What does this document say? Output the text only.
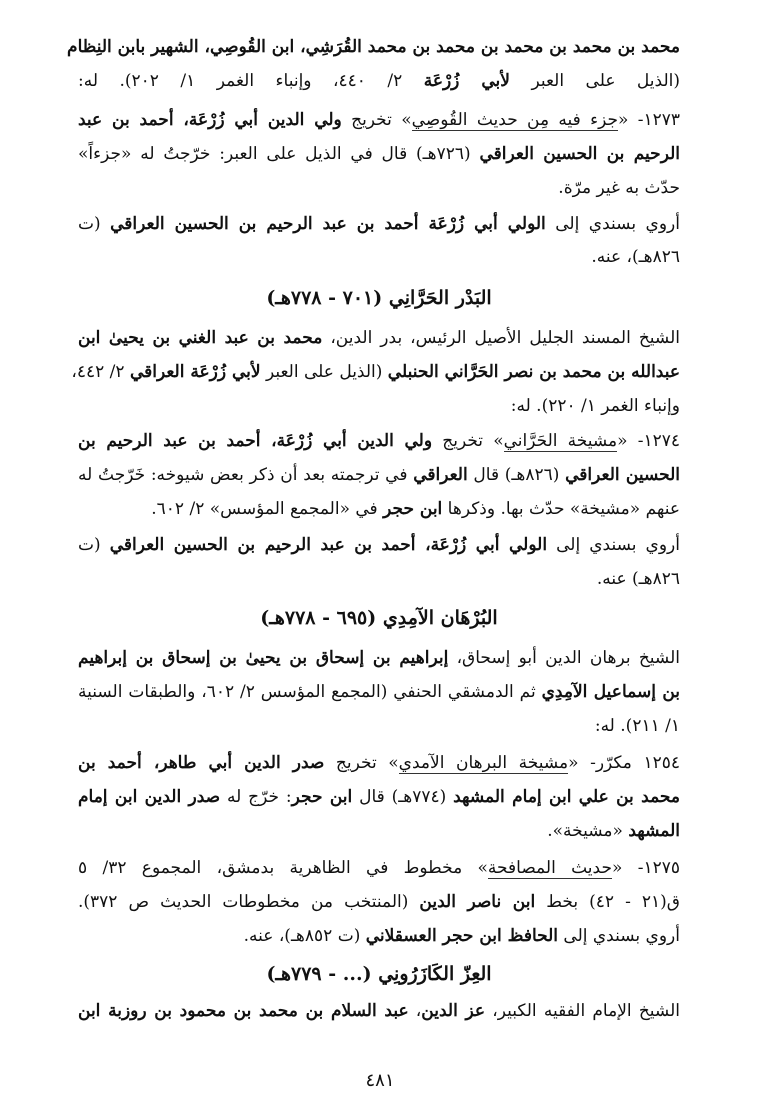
محمد بن محمد بن محمد بن محمد بن محمد القُرَشِي، ابن القُوصِي، الشهير بابن النِظام
(الذيل على العبر لأبي زُرْعَة ٢/ ٤٤٠، وإنباء الغمر ١/ ٢٠٢). له:
١٢٧٣- «جزء فيه مِن حديث القُوصِي» تخريج ولي الدين أبي زُرْعَة، أحمد بن عبد
الرحيم بن الحسين العراقي (٧٢٦هـ) قال في الذيل على العبر: خرّجتُ له «جزءاً»
حدّث به غير مرّة.
أروي بسندي إلى الولي أبي زُرْعَة أحمد بن عبد الرحيم بن الحسين العراقي (ت
٨٢٦هـ)، عنه.
البَدْر الحَرَّانِي (٧٠١ - ٧٧٨هـ)
الشيخ المسند الجليل الأصيل الرئيس، بدر الدين، محمد بن عبد الغني بن يحيىٰ ابن
عبدالله بن محمد بن نصر الحَرَّاني الحنبلي (الذيل على العبر لأبي زُرْعَة العراقي ٢/ ٤٤٢،
وإنباء الغمر ١/ ٢٢٠). له:
١٢٧٤- «مشيخة الحَرَّاني» تخريج ولي الدين أبي زُرْعَة، أحمد بن عبد الرحيم بن
الحسين العراقي (٨٢٦هـ) قال العراقي في ترجمته بعد أن ذكر بعض شيوخه: خَرّجتُ له
عنهم «مشيخة» حدّث بها. وذكرها ابن حجر في «المجمع المؤسس» ٢/ ٦٠٢.
أروي بسندي إلى الولي أبي زُرْعَة، أحمد بن عبد الرحيم بن الحسين العراقي (ت
٨٢٦هـ) عنه.
البُرْهَان الآمِدِي (٦٩٥ - ٧٧٨هـ)
الشيخ برهان الدين أبو إسحاق، إبراهيم بن إسحاق بن يحيىٰ بن إسحاق بن إبراهيم
بن إسماعيل الآمِدِي ثم الدمشقي الحنفي (المجمع المؤسس ٢/ ٦٠٢، والطبقات السنية
١/ ٢١١). له:
١٢٥٤ مكرّر- «مشيخة البرهان الآمدي» تخريج صدر الدين أبي طاهر، أحمد بن
محمد بن علي ابن إمام المشهد (٧٧٤هـ) قال ابن حجر: خرّج له صدر الدين ابن إمام
المشهد «مشيخة».
١٢٧٥- «حديث المصافحة» مخطوط في الظاهرية بدمشق، المجموع ٣٢/ ٥
ق(٢١ - ٤٢) بخط ابن ناصر الدين (المنتخب من مخطوطات الحديث ص ٣٧٢).
أروي بسندي إلى الحافظ ابن حجر العسقلاني (ت ٨٥٢هـ)، عنه.
العِزّ الكَازَرُونِي (... - ٧٧٩هـ)
الشيخ الإمام الفقيه الكبير، عز الدين، عبد السلام بن محمد بن محمود بن روزبة ابن
٤٨١
